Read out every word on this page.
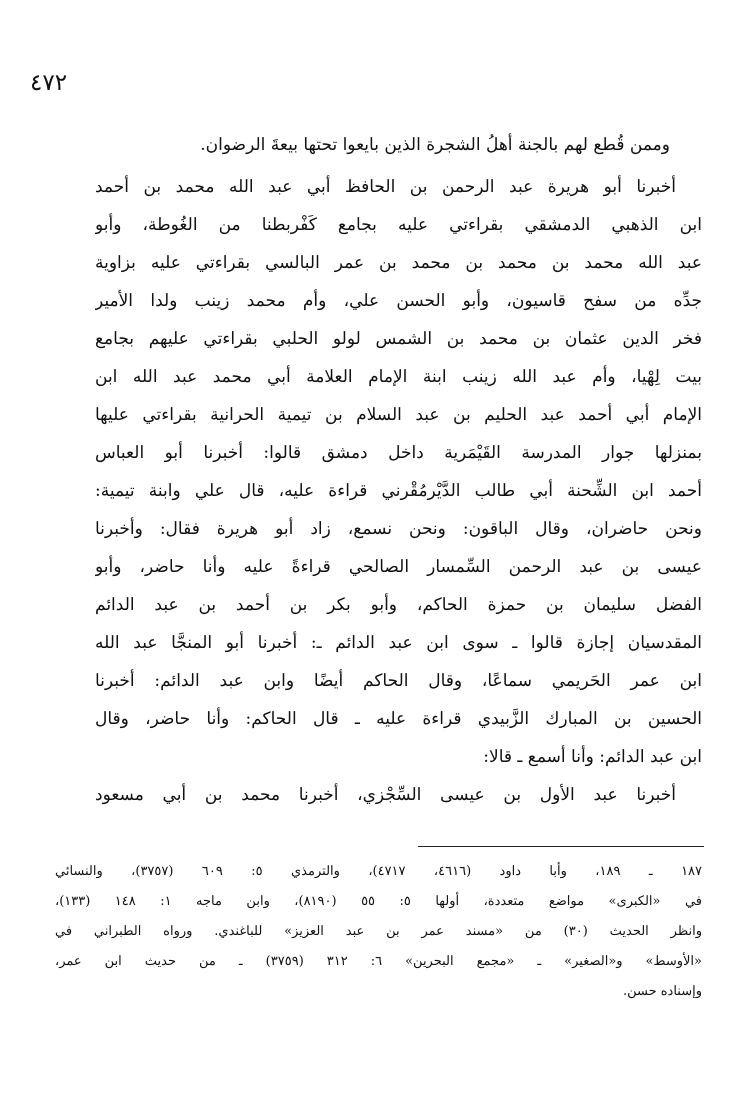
٤٧٢
وممن قُطع لهم بالجنة أهلُ الشجرة الذين بايعوا تحتها بيعةَ الرضوان.
أخبرنا أبو هريرة عبد الرحمن بن الحافظ أبي عبد الله محمد بن أحمد
ابن الذهبي الدمشقي بقراءتي عليه بجامع كَفْربطنا من الغُوطة، وأبو
عبد الله محمد بن محمد بن محمد بن عمر البالسي بقراءتي عليه بزاوية
جدِّه من سفح قاسيون، وأبو الحسن علي، وأم محمد زينب ولدا الأمير
فخر الدين عثمان بن محمد بن الشمس لولو الحلبي بقراءتي عليهم بجامع
بيت لِهْيا، وأم عبد الله زينب ابنة الإمام العلامة أبي محمد عبد الله ابن
الإمام أبي أحمد عبد الحليم بن عبد السلام بن تيمية الحرانية بقراءتي عليها
بمنزلها جوار المدرسة القَيْمَرية داخل دمشق قالوا: أخبرنا أبو العباس
أحمد ابن الشِّحنة أبي طالب الدَّيْرمُقْرني قراءة عليه، قال علي وابنة تيمية:
ونحن حاضران، وقال الباقون: ونحن نسمع، زاد أبو هريرة فقال: وأخبرنا
عيسى بن عبد الرحمن السِّمسار الصالحي قراءةً عليه وأنا حاضر، وأبو
الفضل سليمان بن حمزة الحاكم، وأبو بكر بن أحمد بن عبد الدائم
المقدسيان إجازة قالوا ـ سوى ابن عبد الدائم ـ: أخبرنا أبو المنجَّا عبد الله
ابن عمر الحَريمي سماعًا، وقال الحاكم أيضًا وابن عبد الدائم: أخبرنا
الحسين بن المبارك الزَّبيدي قراءة عليه ـ قال الحاكم: وأنا حاضر، وقال
ابن عبد الدائم: وأنا أسمع ـ قالا:
أخبرنا عبد الأول بن عيسى السِّجْزي، أخبرنا محمد بن أبي مسعود
١٨٧ ـ ١٨٩، وأبا داود (٤٦١٦، ٤٧١٧)، والترمذي ٥: ٦٠٩ (٣٧٥٧)، والنسائي
في «الكبرى» مواضع متعددة، أولها ٥: ٥٥ (٨١٩٠)، وابن ماجه ١: ١٤٨ (١٣٣)،
وانظر الحديث (٣٠) من «مسند عمر بن عبد العزيز» للباغندي. ورواه الطبراني في
«الأوسط» و«الصغير» ـ «مجمع البحرين» ٦: ٣١٢ (٣٧٥٩) ـ من حديث ابن عمر،
وإسناده حسن.
